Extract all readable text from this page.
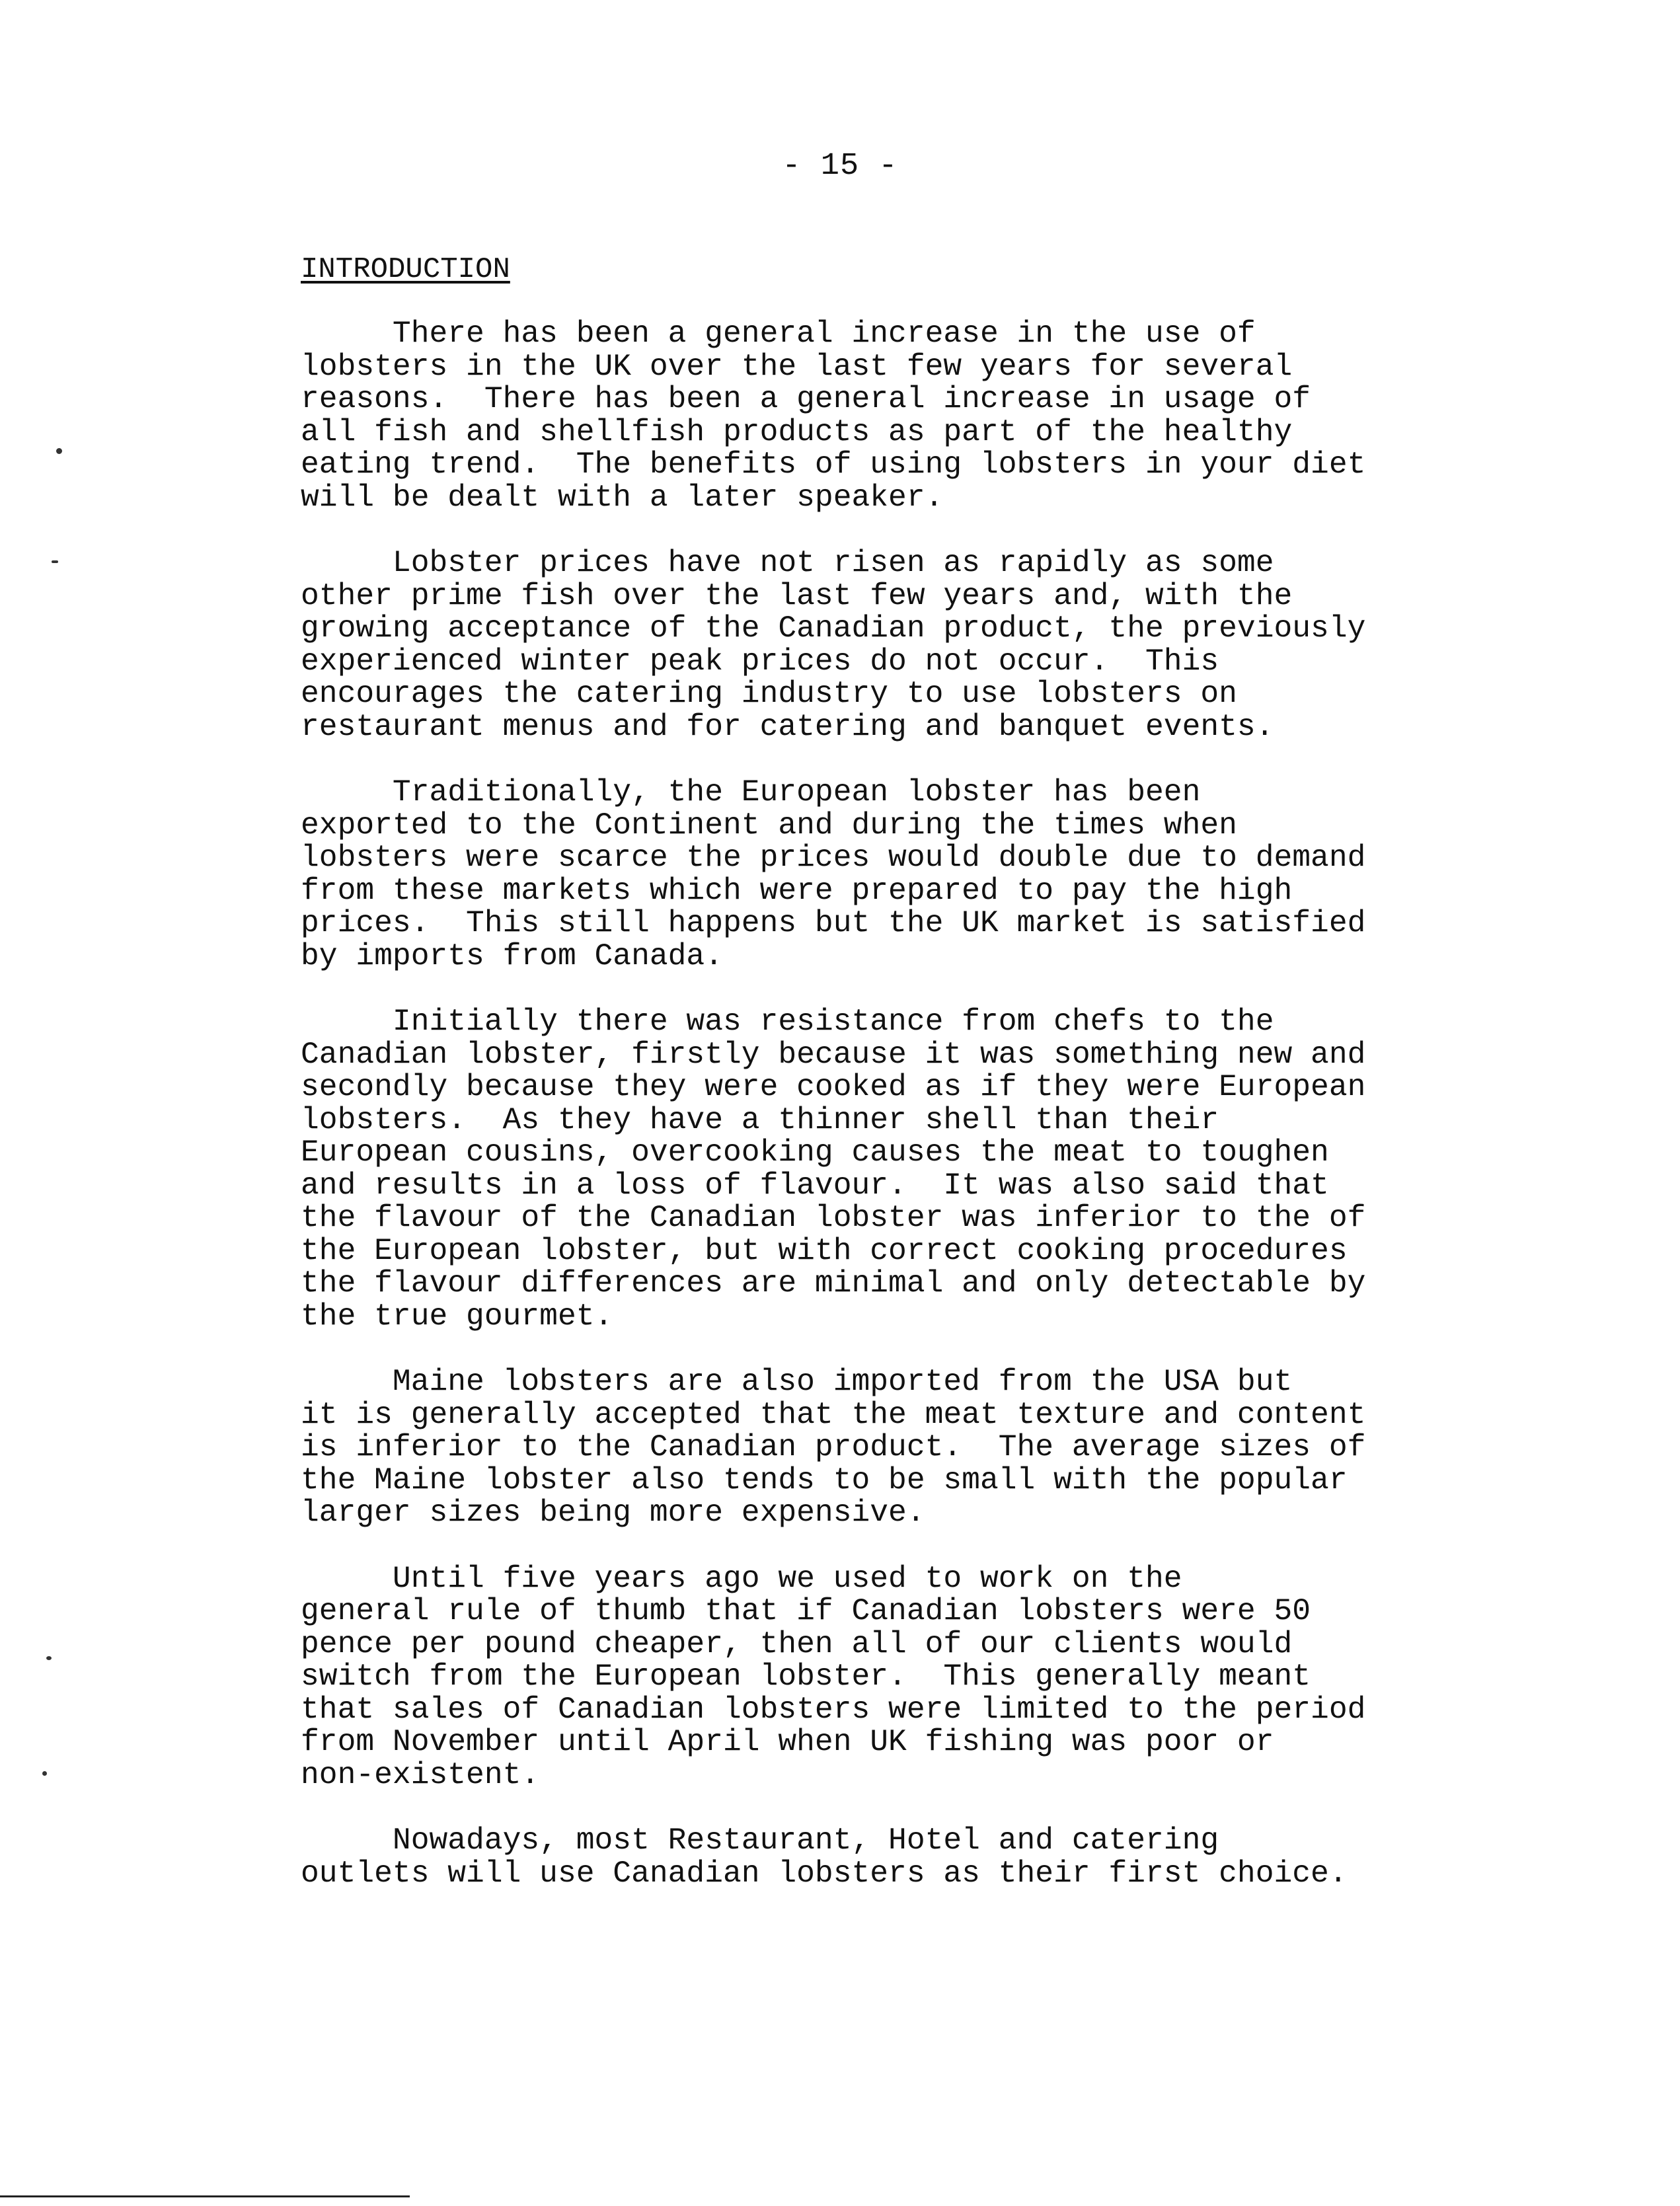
- 15 -
INTRODUCTION
There has been a general increase in the use of
lobsters in the UK over the last few years for several
reasons.  There has been a general increase in usage of
all fish and shellfish products as part of the healthy
eating trend.  The benefits of using lobsters in your diet
will be dealt with a later speaker.
Lobster prices have not risen as rapidly as some
other prime fish over the last few years and, with the
growing acceptance of the Canadian product, the previously
experienced winter peak prices do not occur.  This
encourages the catering industry to use lobsters on
restaurant menus and for catering and banquet events.
Traditionally, the European lobster has been
exported to the Continent and during the times when
lobsters were scarce the prices would double due to demand
from these markets which were prepared to pay the high
prices.  This still happens but the UK market is satisfied
by imports from Canada.
Initially there was resistance from chefs to the
Canadian lobster, firstly because it was something new and
secondly because they were cooked as if they were European
lobsters.  As they have a thinner shell than their
European cousins, overcooking causes the meat to toughen
and results in a loss of flavour.  It was also said that
the flavour of the Canadian lobster was inferior to the of
the European lobster, but with correct cooking procedures
the flavour differences are minimal and only detectable by
the true gourmet.
Maine lobsters are also imported from the USA but
it is generally accepted that the meat texture and content
is inferior to the Canadian product.  The average sizes of
the Maine lobster also tends to be small with the popular
larger sizes being more expensive.
Until five years ago we used to work on the
general rule of thumb that if Canadian lobsters were 50
pence per pound cheaper, then all of our clients would
switch from the European lobster.  This generally meant
that sales of Canadian lobsters were limited to the period
from November until April when UK fishing was poor or
non-existent.
Nowadays, most Restaurant, Hotel and catering
outlets will use Canadian lobsters as their first choice.
